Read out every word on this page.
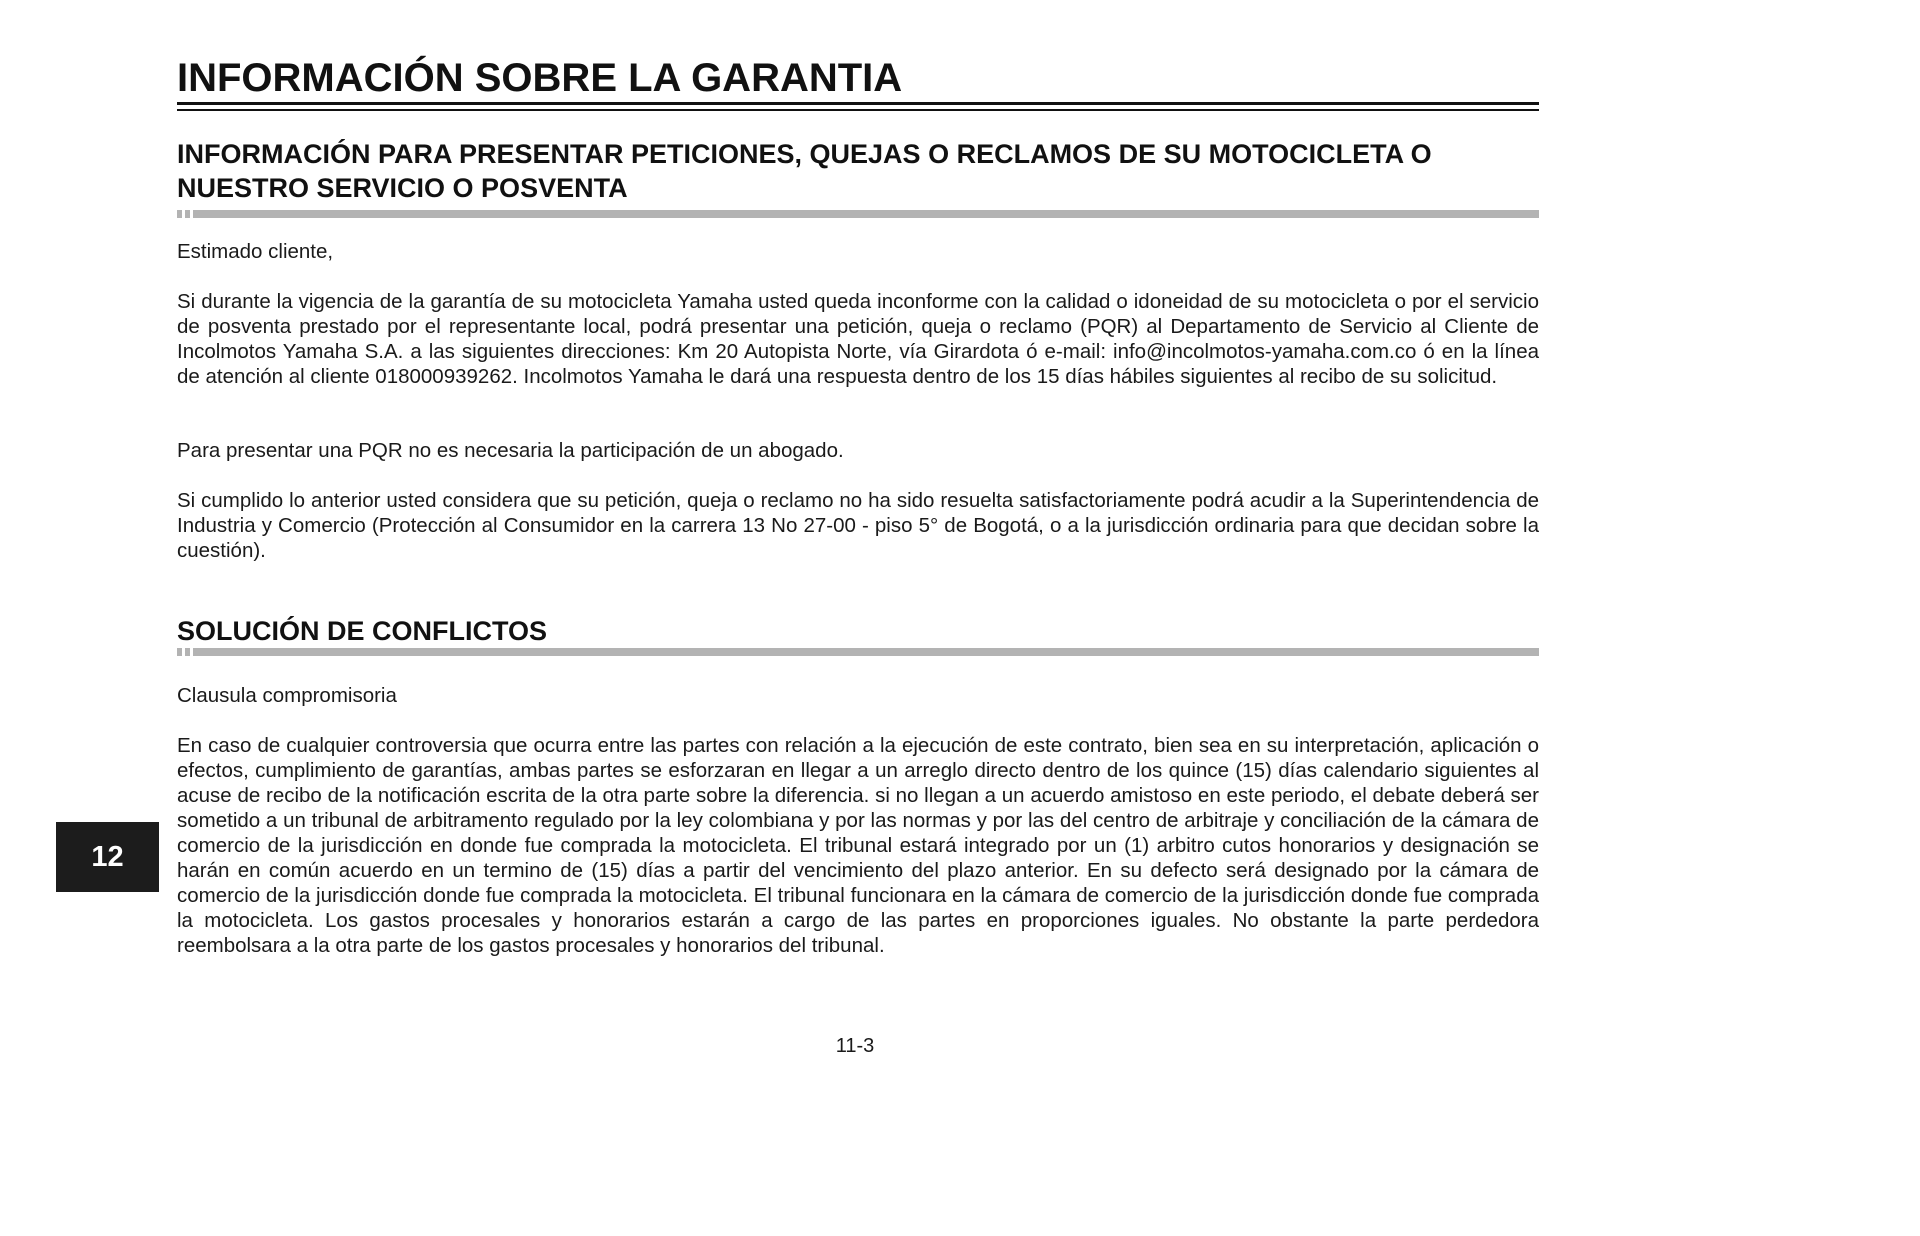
INFORMACIÓN SOBRE LA GARANTIA
INFORMACIÓN PARA PRESENTAR PETICIONES, QUEJAS O RECLAMOS DE SU MOTOCICLETA O NUESTRO SERVICIO O POSVENTA

Estimado cliente,

Si durante la vigencia de la garantía de su motocicleta Yamaha usted queda inconforme con la calidad o idoneidad de su motocicleta o por el servicio de posventa prestado por el representante local, podrá presentar una petición, queja o reclamo (PQR) al Departamento de Servicio al Cliente de Incolmotos Yamaha S.A. a las siguientes direcciones: Km 20 Autopista Norte, vía Girardota ó e-mail: info@incolmotos-yamaha.com.co ó en la línea de atención al cliente 018000939262. Incolmotos Yamaha le dará una respuesta dentro de los 15 días hábiles siguientes al recibo de su solicitud.

Para presentar una PQR no es necesaria la participación de un abogado.

Si cumplido lo anterior usted considera que su petición, queja o reclamo no ha sido resuelta satisfactoriamente podrá acudir a la Superintendencia de Industria y Comercio (Protección al Consumidor en la carrera 13 No 27-00 - piso 5° de Bogotá, o a la jurisdicción ordinaria para que decidan sobre la cuestión).

SOLUCIÓN DE CONFLICTOS

Clausula compromisoria

En caso de cualquier controversia que ocurra entre las partes con relación a la ejecución de este contrato, bien sea en su interpretación, aplicación o efectos, cumplimiento de garantías, ambas partes se esforzaran en llegar a un arreglo directo dentro de los quince (15) días calendario siguientes al acuse de recibo de la notificación escrita de la otra parte sobre la diferencia. si no llegan a un acuerdo amistoso en este periodo, el debate deberá ser sometido a un tribunal de arbitramento regulado por la ley colombiana y por las normas y por las del centro de arbitraje y conciliación de la cámara de comercio de la jurisdicción en donde fue comprada la motocicleta. El tribunal estará integrado por un (1) arbitro cutos honorarios y designación se harán en común acuerdo en un termino de (15) días a partir del vencimiento del plazo anterior. En su defecto será designado por la cámara de comercio de la jurisdicción donde fue comprada la motocicleta. El tribunal funcionara en la cámara de comercio de la jurisdicción donde fue comprada la motocicleta. Los gastos procesales y honorarios estarán a cargo de las partes en proporciones iguales. No obstante la parte perdedora reembolsara a la otra parte de los gastos procesales y honorarios del tribunal.

12
11-3
